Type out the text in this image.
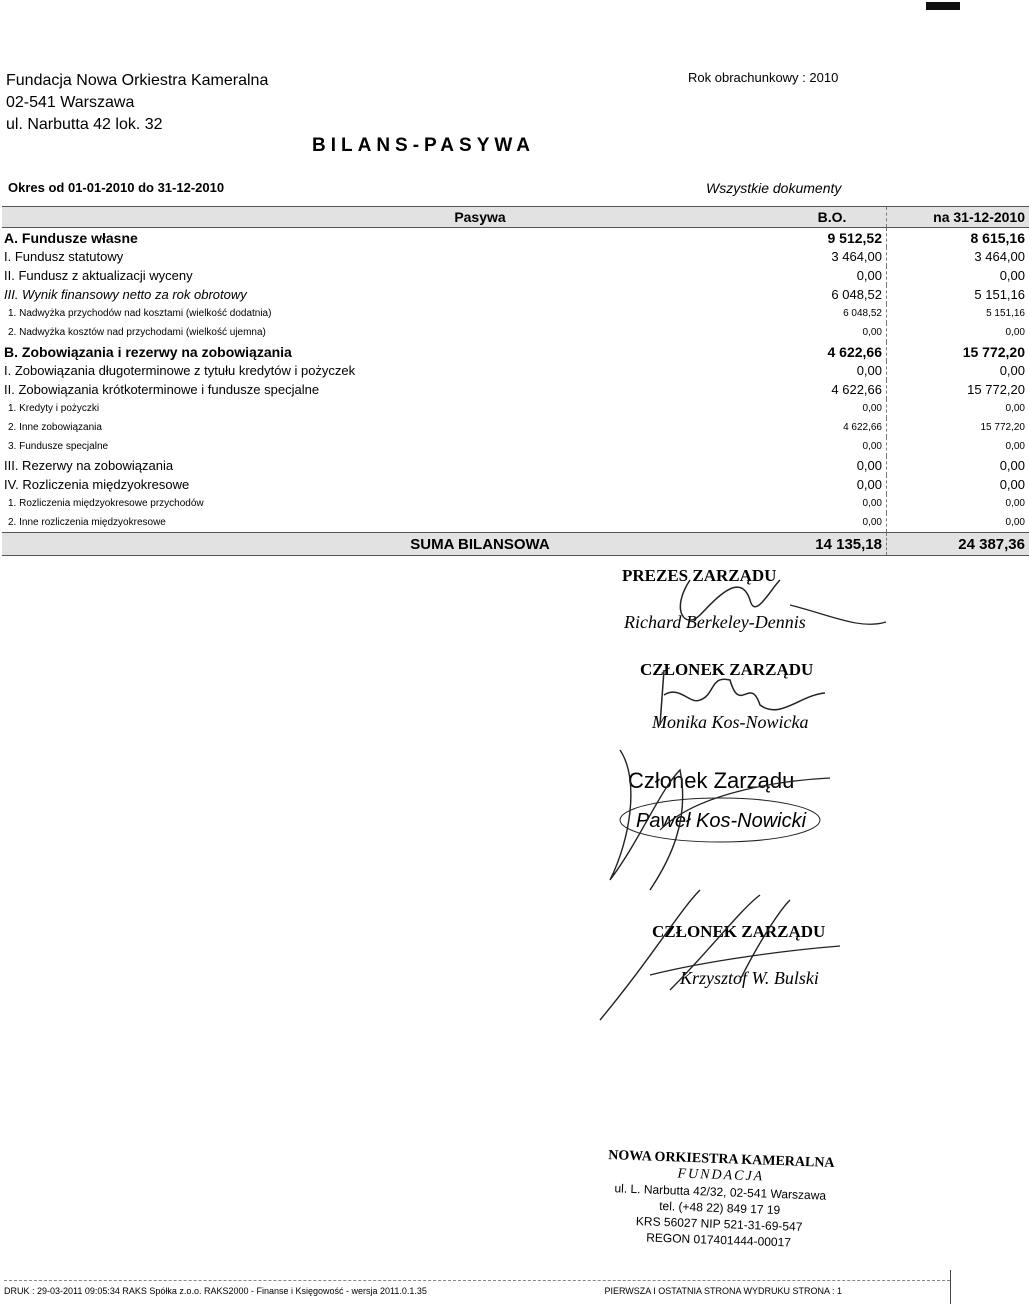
Fundacja Nowa Orkiestra Kameralna
02-541 Warszawa
ul. Narbutta 42 lok. 32
Rok obrachunkowy : 2010
BILANS-PASYWA
Okres od 01-01-2010 do 31-12-2010	Wszystkie dokumenty
Pasywa	B.O.	na 31-12-2010
A. Fundusze własne	9 512,52	8 615,16
I. Fundusz statutowy	3 464,00	3 464,00
II. Fundusz z aktualizacji wyceny	0,00	0,00
III. Wynik finansowy netto za rok obrotowy	6 048,52	5 151,16
1. Nadwyżka przychodów nad kosztami (wielkość dodatnia)	6 048,52	5 151,16
2. Nadwyżka kosztów nad przychodami (wielkość ujemna)	0,00	0,00
B. Zobowiązania i rezerwy na zobowiązania	4 622,66	15 772,20
I. Zobowiązania długoterminowe z tytułu kredytów i pożyczek	0,00	0,00
II. Zobowiązania krótkoterminowe i fundusze specjalne	4 622,66	15 772,20
1. Kredyty i pożyczki	0,00	0,00
2. Inne zobowiązania	4 622,66	15 772,20
3. Fundusze specjalne	0,00	0,00
III. Rezerwy na zobowiązania	0,00	0,00
IV. Rozliczenia międzyokresowe	0,00	0,00
1. Rozliczenia międzyokresowe przychodów	0,00	0,00
2. Inne rozliczenia międzyokresowe	0,00	0,00
SUMA BILANSOWA	14 135,18	24 387,36
PREZES ZARZĄDU
Richard Berkeley-Dennis
CZŁONEK ZARZĄDU
Monika Kos-Nowicka
Członek Zarządu
Paweł Kos-Nowicki
CZŁONEK ZARZĄDU
Krzysztof W. Bulski
NOWA ORKIESTRA KAMERALNA
FUNDACJA
ul. L. Narbutta 42/32, 02-541 Warszawa
tel. (+48 22) 849 17 19
KRS 56027 NIP 521-31-69-547
REGON 017401444-00017
DRUK : 29-03-2011 09:05:34 RAKS Spółka z.o.o. RAKS2000 - Finanse i Księgowość - wersja 2011.0.1.35	PIERWSZA I OSTATNIA STRONA WYDRUKU STRONA : 1
